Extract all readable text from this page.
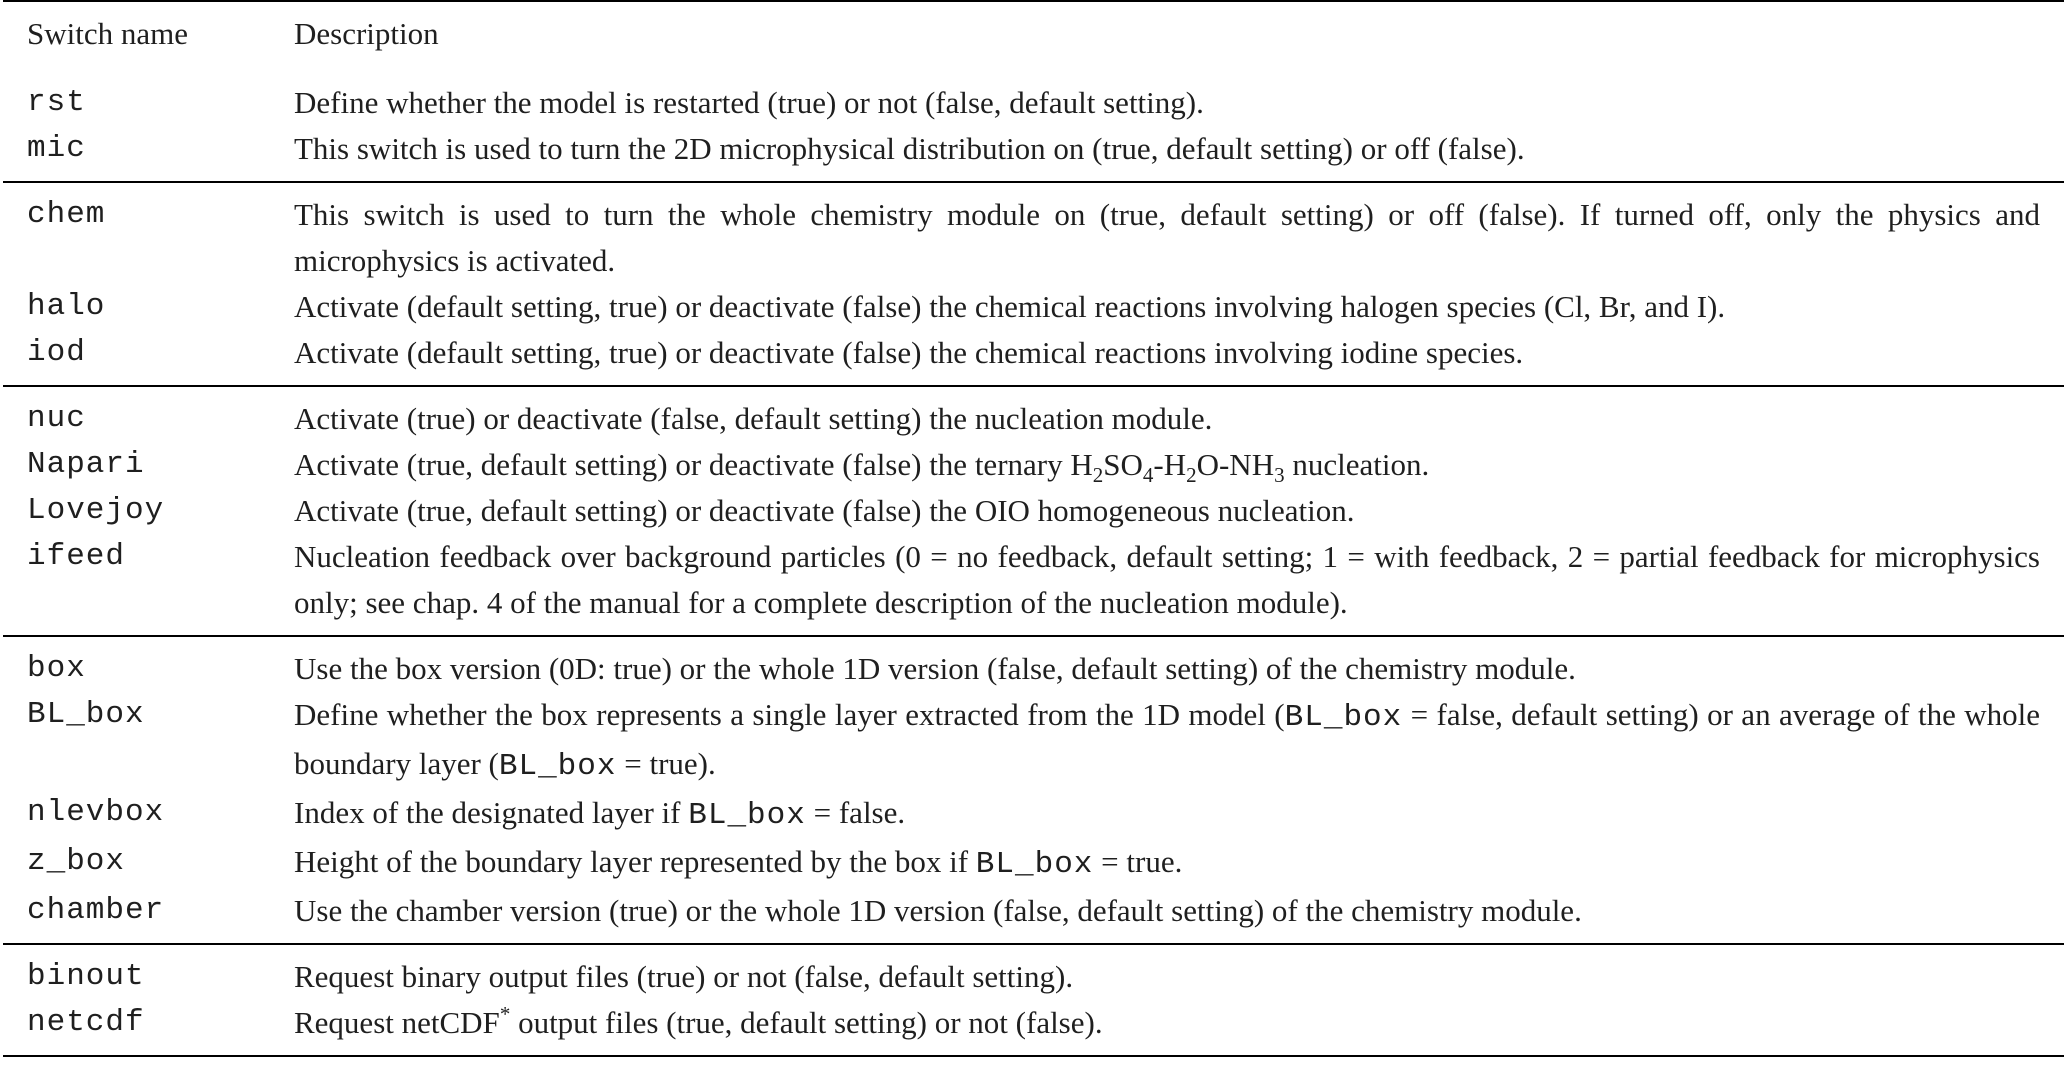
Switch name	Description
rst	Define whether the model is restarted (true) or not (false, default setting).
mic	This switch is used to turn the 2D microphysical distribution on (true, default setting) or off (false).
chem	This switch is used to turn the whole chemistry module on (true, default setting) or off (false). If turned off, only the physics and microphysics is activated.
halo	Activate (default setting, true) or deactivate (false) the chemical reactions involving halogen species (Cl, Br, and I).
iod	Activate (default setting, true) or deactivate (false) the chemical reactions involving iodine species.
nuc	Activate (true) or deactivate (false, default setting) the nucleation module.
Napari	Activate (true, default setting) or deactivate (false) the ternary $H_2SO_4-H_2O-NH_3$ nucleation.
Lovejoy	Activate (true, default setting) or deactivate (false) the OIO homogeneous nucleation.
ifeed	Nucleation feedback over background particles (0 = no feedback, default setting; 1 = with feedback, 2 = partial feedback for microphysics only; see chap. 4 of the manual for a complete description of the nucleation module).
box	Use the box version (0D: true) or the whole 1D version (false, default setting) of the chemistry module.
BL_box	Define whether the box represents a single layer extracted from the 1D model (BL_box = false, default setting) or an average of the whole boundary layer (BL_box = true).
nlevbox	Index of the designated layer if BL_box = false.
z_box	Height of the boundary layer represented by the box if BL_box = true.
chamber	Use the chamber version (true) or the whole 1D version (false, default setting) of the chemistry module.
binout	Request binary output files (true) or not (false, default setting).
netcdf	Request netCDF* output files (true, default setting) or not (false).
